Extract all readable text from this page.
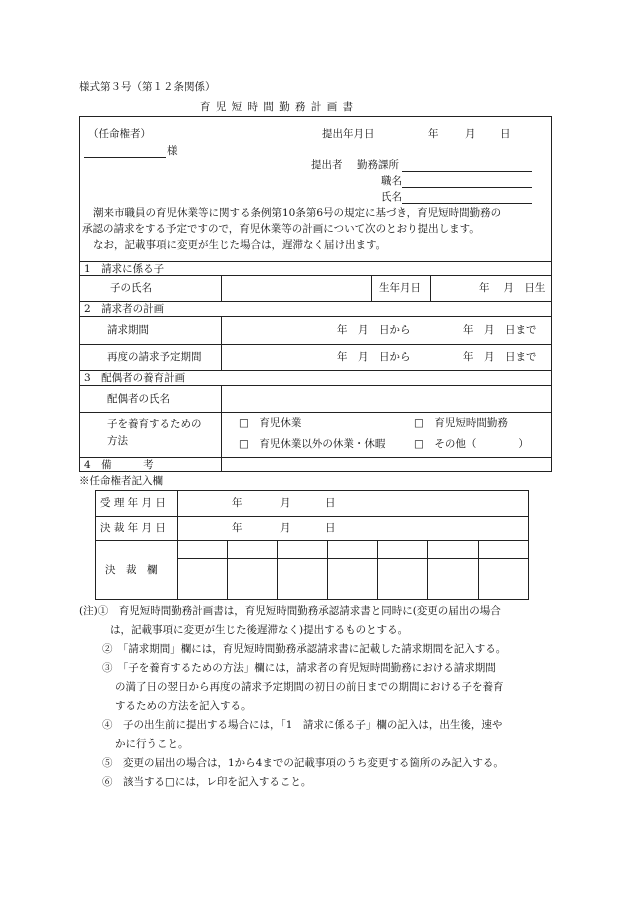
様式第３号（第１２条関係）
育 児 短 時 間 勤 務 計 画 書
（任命権者）
様
提出年月日	年	月 日
提出者 勤務課所
職名
氏名
潮来市職員の育児休業等に関する条例第10条第6号の規定に基づき，育児短時間勤務の
承認の請求をする予定ですので，育児休業等の計画について次のとおり提出します。
なお，記載事項に変更が生じた場合は，遅滞なく届け出ます。
1　請求に係る子
子の氏名	生年月日	年　 月　日生
2　請求者の計画
請求期間	年　月　日から	年　月　日まで
再度の請求予定期間	年　月　日から	年　月　日まで
3　配偶者の養育計画
配偶者の氏名
子を養育するための
方法
□　育児休業	□　育児短時間勤務
□　育児休業以外の休業・休暇	□　その他（　　　　）
4　備　　　考
※任命権者記入欄
受 理 年 月 日	年	月	日
決 裁 年 月 日	年	月	日
決　裁　欄
(注)①　育児短時間勤務計画書は，育児短時間勤務承認請求書と同時に(変更の届出の場合
は，記載事項に変更が生じた後遅滞なく)提出するものとする。
②　「請求期間」欄には，育児短時間勤務承認請求書に記載した請求期間を記入する。
③　「子を養育するための方法」欄には，請求者の育児短時間勤務における請求期間
の満了日の翌日から再度の請求予定期間の初日の前日までの期間における子を養育
するための方法を記入する。
④　子の出生前に提出する場合には，「1　請求に係る子」欄の記入は，出生後，速や
かに行うこと。
⑤　変更の届出の場合は，1から4までの記載事項のうち変更する箇所のみ記入する。
⑥　該当する□には，レ印を記入すること。
